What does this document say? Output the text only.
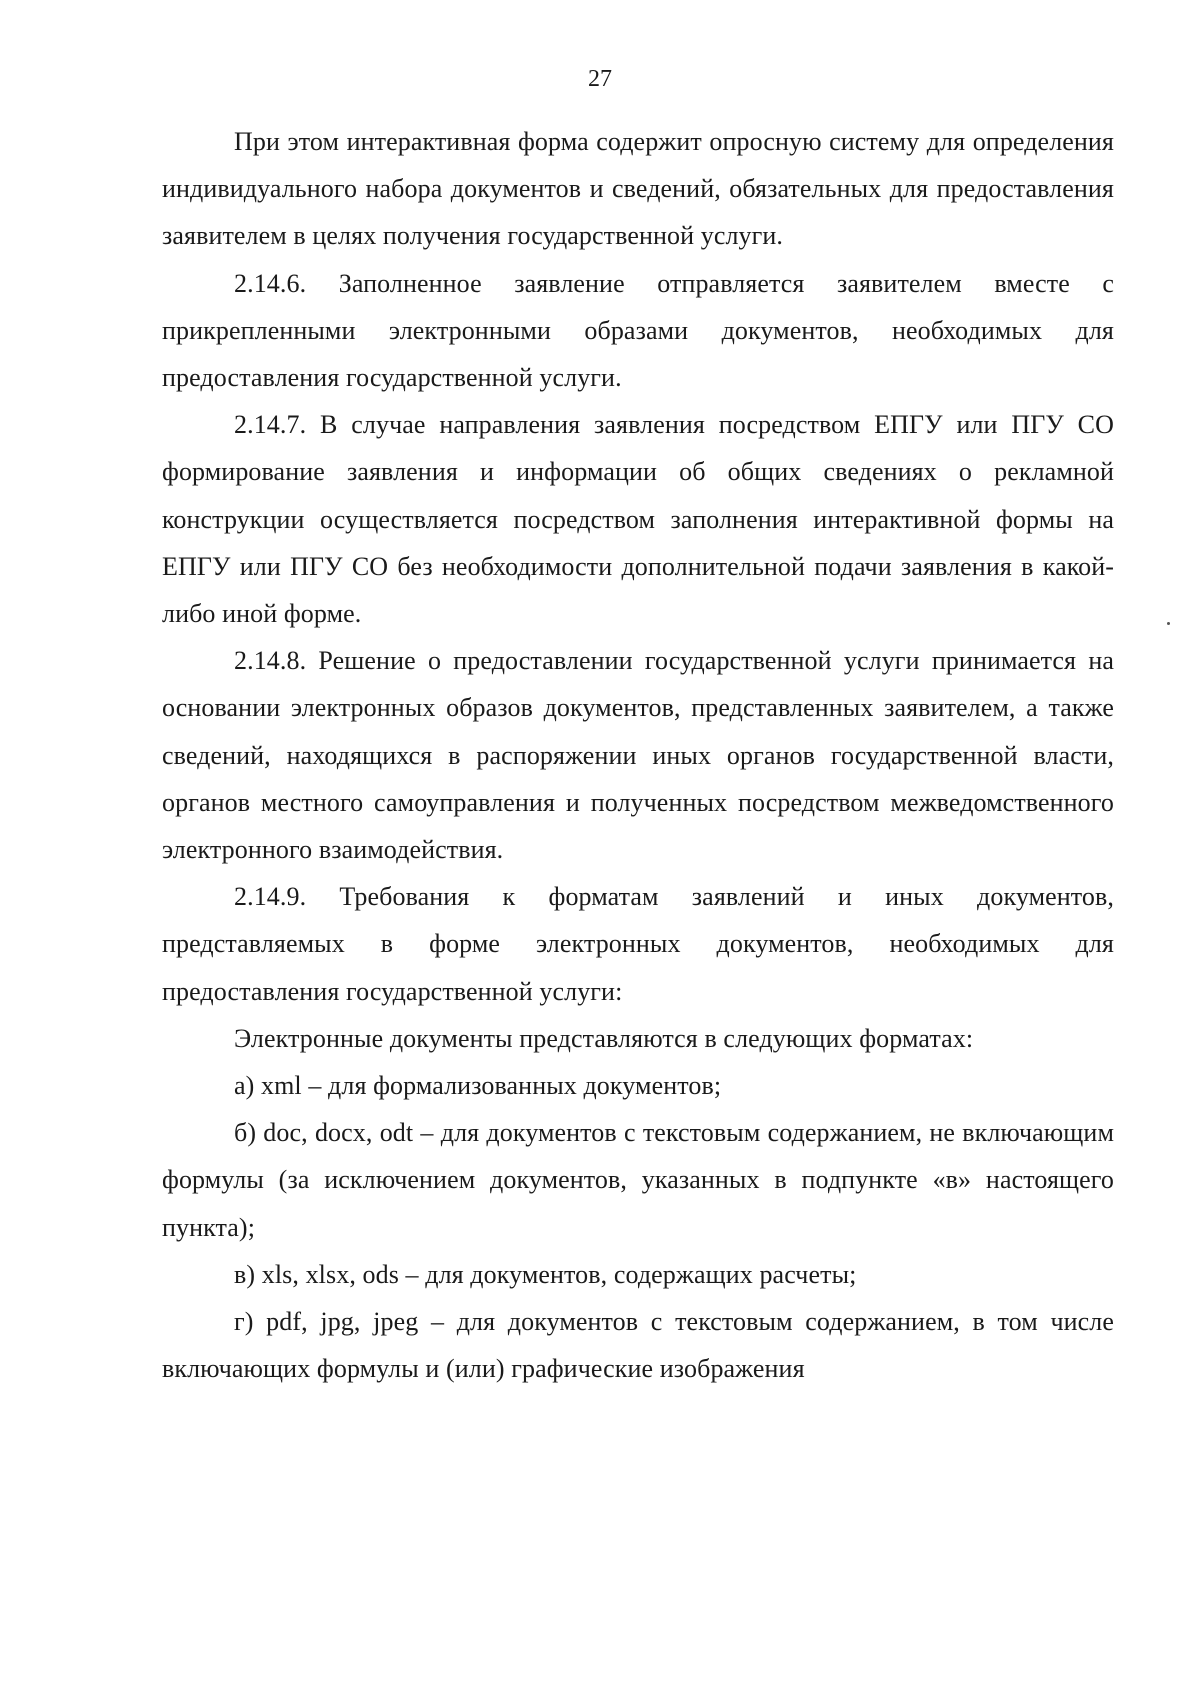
27

При этом интерактивная форма содержит опросную систему для определения индивидуального набора документов и сведений, обязательных для предоставления заявителем в целях получения государственной услуги.

2.14.6. Заполненное заявление отправляется заявителем вместе с прикрепленными электронными образами документов, необходимых для предоставления государственной услуги.

2.14.7. В случае направления заявления посредством ЕПГУ или ПГУ СО формирование заявления и информации об общих сведениях о рекламной конструкции осуществляется посредством заполнения интерактивной формы на ЕПГУ или ПГУ СО без необходимости дополнительной подачи заявления в какой-либо иной форме.

2.14.8. Решение о предоставлении государственной услуги принимается на основании электронных образов документов, представленных заявителем, а также сведений, находящихся в распоряжении иных органов государственной власти, органов местного самоуправления и полученных посредством межведомственного электронного взаимодействия.

2.14.9. Требования к форматам заявлений и иных документов, представляемых в форме электронных документов, необходимых для предоставления государственной услуги:

Электронные документы представляются в следующих форматах:

а) xml – для формализованных документов;

б) doc, docx, odt – для документов с текстовым содержанием, не включающим формулы (за исключением документов, указанных в подпункте «в» настоящего пункта);

в) xls, xlsx, ods – для документов, содержащих расчеты;

г) pdf, jpg, jpeg – для документов с текстовым содержанием, в том числе включающих формулы и (или) графические изображения
